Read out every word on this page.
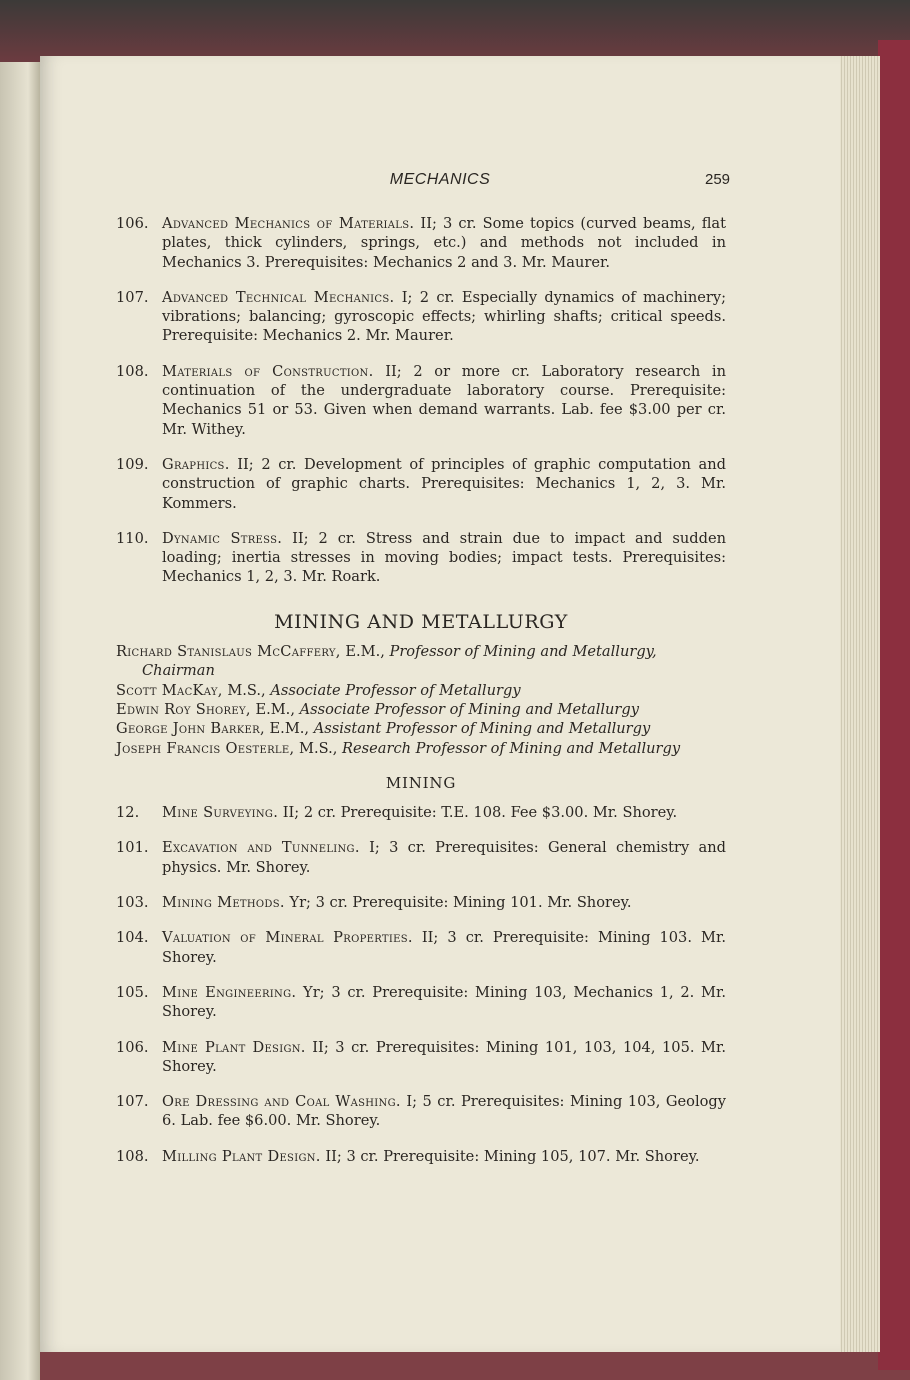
MECHANICS	259
106. Advanced Mechanics of Materials. II; 3 cr. Some topics (curved beams, flat plates, thick cylinders, springs, etc.) and methods not included in Mechanics 3. Prerequisites: Mechanics 2 and 3. Mr. Maurer.
107. Advanced Technical Mechanics. I; 2 cr. Especially dynamics of machinery; vibrations; balancing; gyroscopic effects; whirling shafts; critical speeds. Prerequisite: Mechanics 2. Mr. Maurer.
108. Materials of Construction. II; 2 or more cr. Laboratory research in continuation of the undergraduate laboratory course. Prerequisite: Mechanics 51 or 53. Given when demand warrants. Lab. fee $3.00 per cr. Mr. Withey.
109. Graphics. II; 2 cr. Development of principles of graphic computation and construction of graphic charts. Prerequisites: Mechanics 1, 2, 3. Mr. Kommers.
110. Dynamic Stress. II; 2 cr. Stress and strain due to impact and sudden loading; inertia stresses in moving bodies; impact tests. Prerequisites: Mechanics 1, 2, 3. Mr. Roark.
MINING AND METALLURGY

Richard Stanislaus McCaffery, E.M., Professor of Mining and Metallurgy, Chairman

Scott MacKay, M.S., Associate Professor of Metallurgy

Edwin Roy Shorey, E.M., Associate Professor of Mining and Metallurgy

George John Barker, E.M., Assistant Professor of Mining and Metallurgy

Joseph Francis Oesterle, M.S., Research Professor of Mining and Metallurgy

MINING
12. Mine Surveying. II; 2 cr. Prerequisite: T.E. 108. Fee $3.00. Mr. Shorey.
101. Excavation and Tunneling. I; 3 cr. Prerequisites: General chemistry and physics. Mr. Shorey.
103. Mining Methods. Yr; 3 cr. Prerequisite: Mining 101. Mr. Shorey.
104. Valuation of Mineral Properties. II; 3 cr. Prerequisite: Mining 103. Mr. Shorey.
105. Mine Engineering. Yr; 3 cr. Prerequisite: Mining 103, Mechanics 1, 2. Mr. Shorey.
106. Mine Plant Design. II; 3 cr. Prerequisites: Mining 101, 103, 104, 105. Mr. Shorey.
107. Ore Dressing and Coal Washing. I; 5 cr. Prerequisites: Mining 103, Geology 6. Lab. fee $6.00. Mr. Shorey.
108. Milling Plant Design. II; 3 cr. Prerequisite: Mining 105, 107. Mr. Shorey.
